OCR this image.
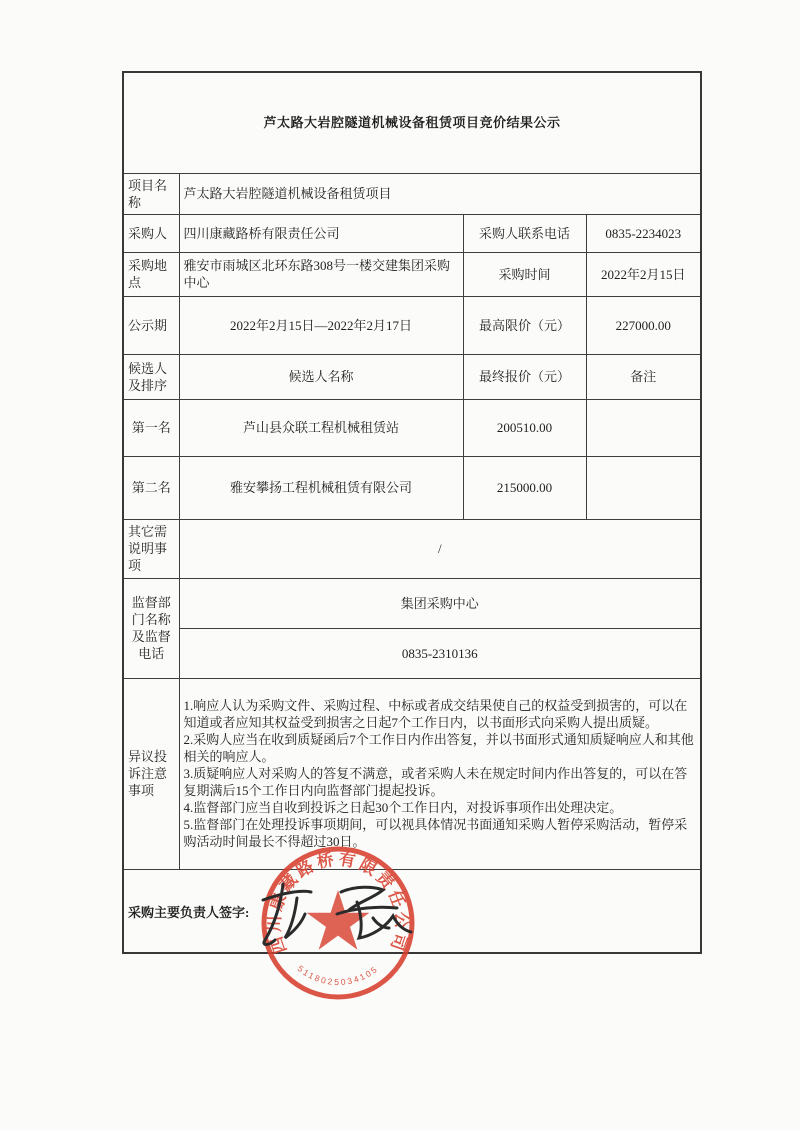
芦太路大岩腔隧道机械设备租赁项目竞价结果公示			
项目名称	芦太路大岩腔隧道机械设备租赁项目		
采购人	四川康藏路桥有限责任公司	采购人联系电话	0835-2234023
采购地点	雅安市雨城区北环东路308号一楼交建集团采购中心	采购时间	2022年2月15日
公示期	2022年2月15日—2022年2月17日	最高限价（元）	227000.00
候选人及排序	候选人名称	最终报价（元）	备注
第一名	芦山县众联工程机械租赁站	200510.00	
第二名	雅安攀扬工程机械租赁有限公司	215000.00	
其它需说明事项	/		
监督部门名称及监督电话	集团采购中心		
	0835-2310136		
异议投诉注意事项	1.响应人认为采购文件、采购过程、中标或者成交结果使自己的权益受到损害的，可以在知道或者应知其权益受到损害之日起7个工作日内，以书面形式向采购人提出质疑。
2.采购人应当在收到质疑函后7个工作日内作出答复，并以书面形式通知质疑响应人和其他相关的响应人。
3.质疑响应人对采购人的答复不满意，或者采购人未在规定时间内作出答复的，可以在答复期满后15个工作日内向监督部门提起投诉。
4.监督部门应当自收到投诉之日起30个工作日内，对投诉事项作出处理决定。
5.监督部门在处理投诉事项期间，可以视具体情况书面通知采购人暂停采购活动，暂停采购活动时间最长不得超过30日。		

采购主要负责人签字:			
四川康藏路桥有限责任公司
5118025034105
